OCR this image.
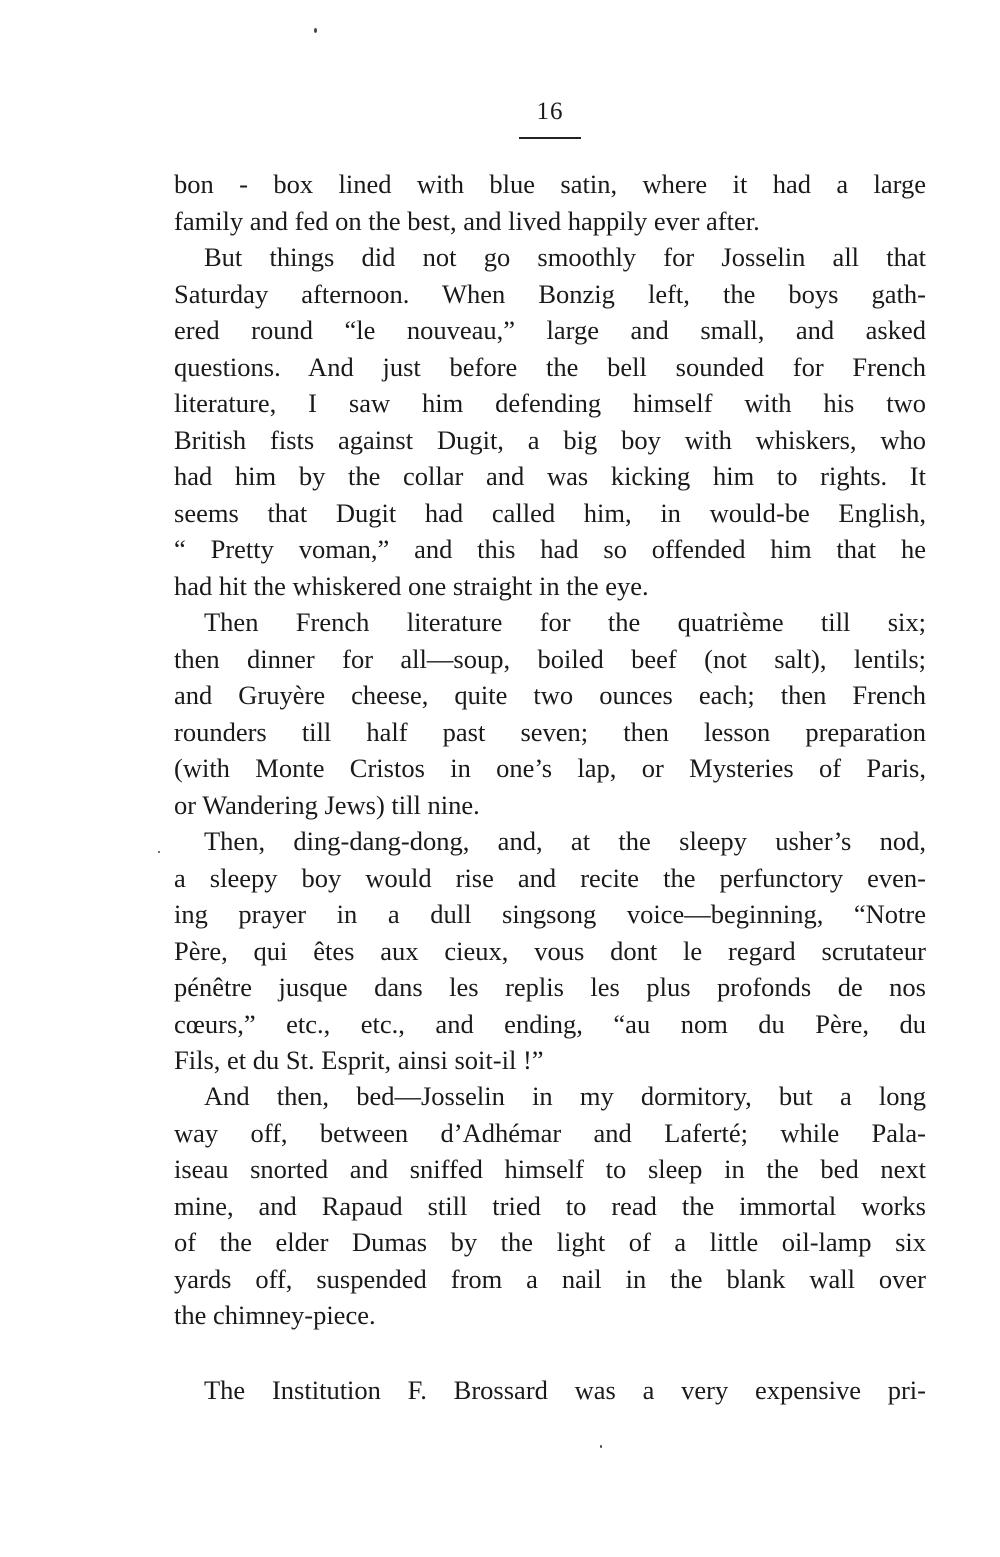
16
bon - box lined with blue satin, where it had a large
family and fed on the best, and lived happily ever after.
But things did not go smoothly for Josselin all that
Saturday afternoon. When Bonzig left, the boys gath-
ered round “le nouveau,” large and small, and asked
questions. And just before the bell sounded for French
literature, I saw him defending himself with his two
British fists against Dugit, a big boy with whiskers, who
had him by the collar and was kicking him to rights. It
seems that Dugit had called him, in would-be English,
“ Pretty voman,” and this had so offended him that he
had hit the whiskered one straight in the eye.
Then French literature for the quatrième till six;
then dinner for all—soup, boiled beef (not salt), lentils;
and Gruyère cheese, quite two ounces each; then French
rounders till half past seven; then lesson preparation
(with Monte Cristos in one’s lap, or Mysteries of Paris,
or Wandering Jews) till nine.
Then, ding-dang-dong, and, at the sleepy usher’s nod,
a sleepy boy would rise and recite the perfunctory even-
ing prayer in a dull singsong voice—beginning, “Notre
Père, qui êtes aux cieux, vous dont le regard scrutateur
pénêtre jusque dans les replis les plus profonds de nos
cœurs,” etc., etc., and ending, “au nom du Père, du
Fils, et du St. Esprit, ainsi soit-il !”
And then, bed—Josselin in my dormitory, but a long
way off, between d’Adhémar and Laferté; while Pala-
iseau snorted and sniffed himself to sleep in the bed next
mine, and Rapaud still tried to read the immortal works
of the elder Dumas by the light of a little oil-lamp six
yards off, suspended from a nail in the blank wall over
the chimney-piece.
The Institution F. Brossard was a very expensive pri-
